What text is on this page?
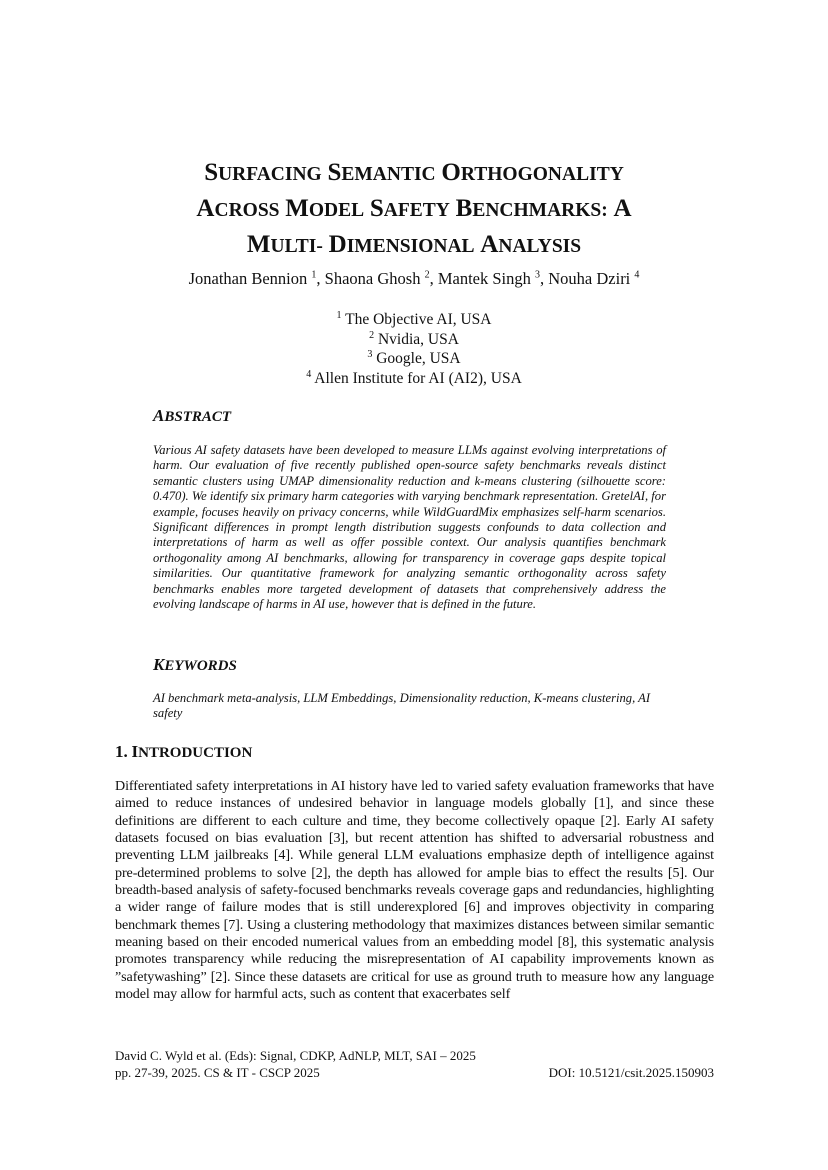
SURFACING SEMANTIC ORTHOGONALITY
ACROSS MODEL SAFETY BENCHMARKS: A
MULTI- DIMENSIONAL ANALYSIS
Jonathan Bennion $^1$, Shaona Ghosh $^2$, Mantek Singh $^3$, Nouha Dziri $^4$
$^1$ The Objective AI, USA
$^2$ Nvidia, USA
$^3$ Google, USA
$^4$ Allen Institute for AI (AI2), USA
ABSTRACT

Various AI safety datasets have been developed to measure LLMs against evolving interpretations of harm. Our evaluation of five recently published open-source safety benchmarks reveals distinct semantic clusters using UMAP dimensionality reduction and k-means clustering (silhouette score: 0.470). We identify six primary harm categories with varying benchmark representation. GretelAI, for example, focuses heavily on privacy concerns, while WildGuardMix emphasizes self-harm scenarios. Significant differences in prompt length distribution suggests confounds to data collection and interpretations of harm as well as offer possible context. Our analysis quantifies benchmark orthogonality among AI benchmarks, allowing for transparency in coverage gaps despite topical similarities. Our quantitative framework for analyzing semantic orthogonality across safety benchmarks enables more targeted development of datasets that comprehensively address the evolving landscape of harms in AI use, however that is defined in the future.

KEYWORDS

AI benchmark meta-analysis, LLM Embeddings, Dimensionality reduction, K-means clustering, AI safety

1. INTRODUCTION

Differentiated safety interpretations in AI history have led to varied safety evaluation frameworks that have aimed to reduce instances of undesired behavior in language models globally [1], and since these definitions are different to each culture and time, they become collectively opaque [2]. Early AI safety datasets focused on bias evaluation [3], but recent attention has shifted to adversarial robustness and preventing LLM jailbreaks [4]. While general LLM evaluations emphasize depth of intelligence against pre-determined problems to solve [2], the depth has allowed for ample bias to effect the results [5]. Our breadth-based analysis of safety-focused benchmarks reveals coverage gaps and redundancies, highlighting a wider range of failure modes that is still underexplored [6] and improves objectivity in comparing benchmark themes [7]. Using a clustering methodology that maximizes distances between similar semantic meaning based on their encoded numerical values from an embedding model [8], this systematic analysis promotes transparency while reducing the misrepresentation of AI capability improvements known as ”safetywashing” [2]. Since these datasets are critical for use as ground truth to measure how any language model may allow for harmful acts, such as content that exacerbates self

David C. Wyld et al. (Eds): Signal, CDKP, AdNLP, MLT, SAI – 2025
pp. 27-39, 2025. CS & IT - CSCP 2025	DOI: 10.5121/csit.2025.150903
